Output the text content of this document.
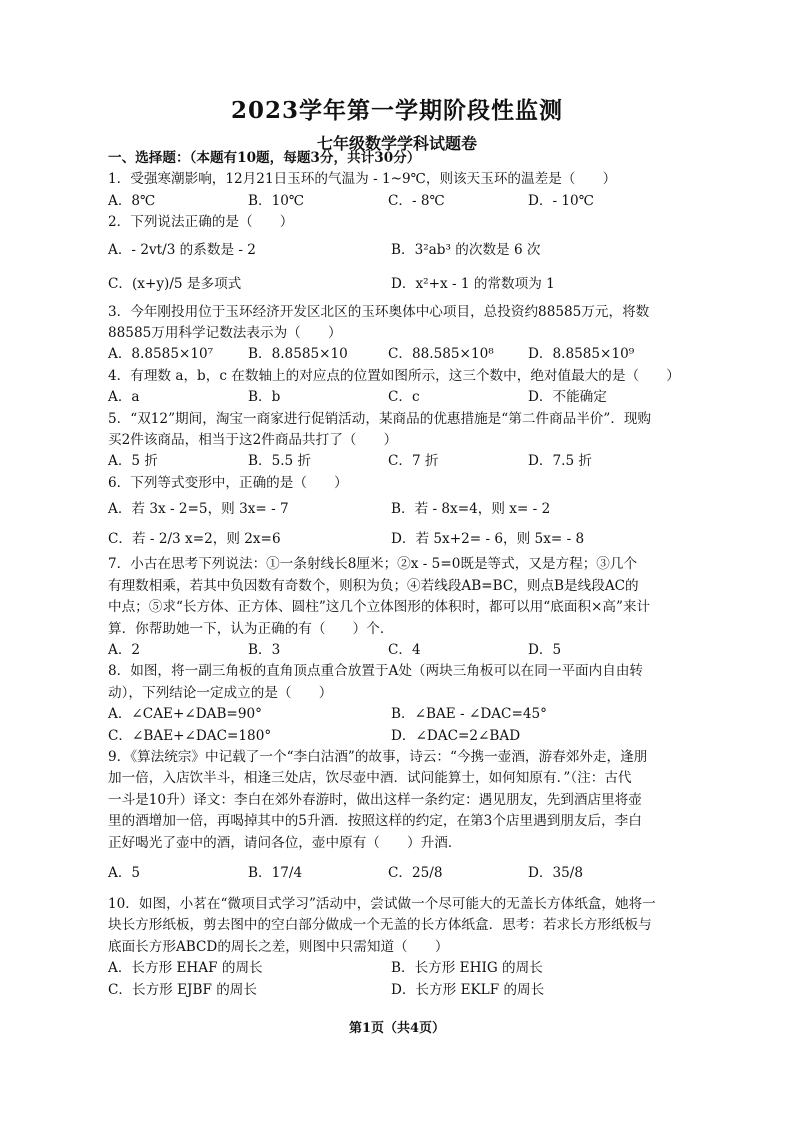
2023学年第一学期阶段性监测
七年级数学学科试题卷
一、选择题：（本题有10题，每题3分，共计30分）
1．受强寒潮影响，12月21日玉环的气温为 - 1~9℃，则该天玉环的温差是（　　）
A．8℃	B．10℃	C．- 8℃	D．- 10℃
2．下列说法正确的是（　　）
A．- 2vt/3 的系数是 - 2	B．3²ab³ 的次数是 6 次
C．(x+y)/5 是多项式	D．x²+x - 1 的常数项为 1
3．今年刚投用位于玉环经济开发区北区的玉环奥体中心项目，总投资约88585万元，将数
88585万用科学记数法表示为（　　）
A．8.8585×10⁷	B．8.8585×10	C．88.585×10⁸	D．8.8585×10⁹
4．有理数 a，b，c 在数轴上的对应点的位置如图所示，这三个数中，绝对值最大的是（　　）
A．a	B．b	C．c	D．不能确定
5．“双12”期间，淘宝一商家进行促销活动，某商品的优惠措施是“第二件商品半价”．现购
买2件该商品，相当于这2件商品共打了（　　）
A．5 折	B．5.5 折	C．7 折	D．7.5 折
6．下列等式变形中，正确的是（　　）
A．若 3x - 2=5，则 3x= - 7	B．若 - 8x=4，则 x= - 2
C．若 - 2/3 x=2，则 2x=6	D．若 5x+2= - 6，则 5x= - 8
7．小古在思考下列说法：①一条射线长8厘米；②x - 5=0既是等式，又是方程；③几个
有理数相乘，若其中负因数有奇数个，则积为负；④若线段AB=BC，则点B是线段AC的
中点；⑤求“长方体、正方体、圆柱”这几个立体图形的体积时，都可以用“底面积×高”来计
算．你帮助她一下，认为正确的有（　　）个．
A．2	B．3	C．4	D．5
8．如图，将一副三角板的直角顶点重合放置于A处（两块三角板可以在同一平面内自由转
动），下列结论一定成立的是（　　）
A．∠CAE+∠DAB=90°	B．∠BAE - ∠DAC=45°
C．∠BAE+∠DAC=180°	D．∠DAC=2∠BAD
9．《算法统宗》中记载了一个“李白沽酒”的故事，诗云：“今携一壶酒，游春郊外走，逢朋
加一倍，入店饮半斗，相逢三处店，饮尽壶中酒．试问能算士，如何知原有．”（注：古代
一斗是10升）译文：李白在郊外春游时，做出这样一条约定：遇见朋友，先到酒店里将壶
里的酒增加一倍，再喝掉其中的5升酒．按照这样的约定，在第3个店里遇到朋友后，李白
正好喝光了壶中的酒，请问各位，壶中原有（　　）升酒．
A．5	B．17/4	C．25/8	D．35/8
10．如图，小茗在“微项目式学习”活动中，尝试做一个尽可能大的无盖长方体纸盒，她将一
块长方形纸板，剪去图中的空白部分做成一个无盖的长方体纸盒．思考：若求长方形纸板与
底面长方形ABCD的周长之差，则图中只需知道（　　）
A．长方形 EHAF 的周长	B．长方形 EHIG 的周长
C．长方形 EJBF 的周长	D．长方形 EKLF 的周长
第1页（共4页）
